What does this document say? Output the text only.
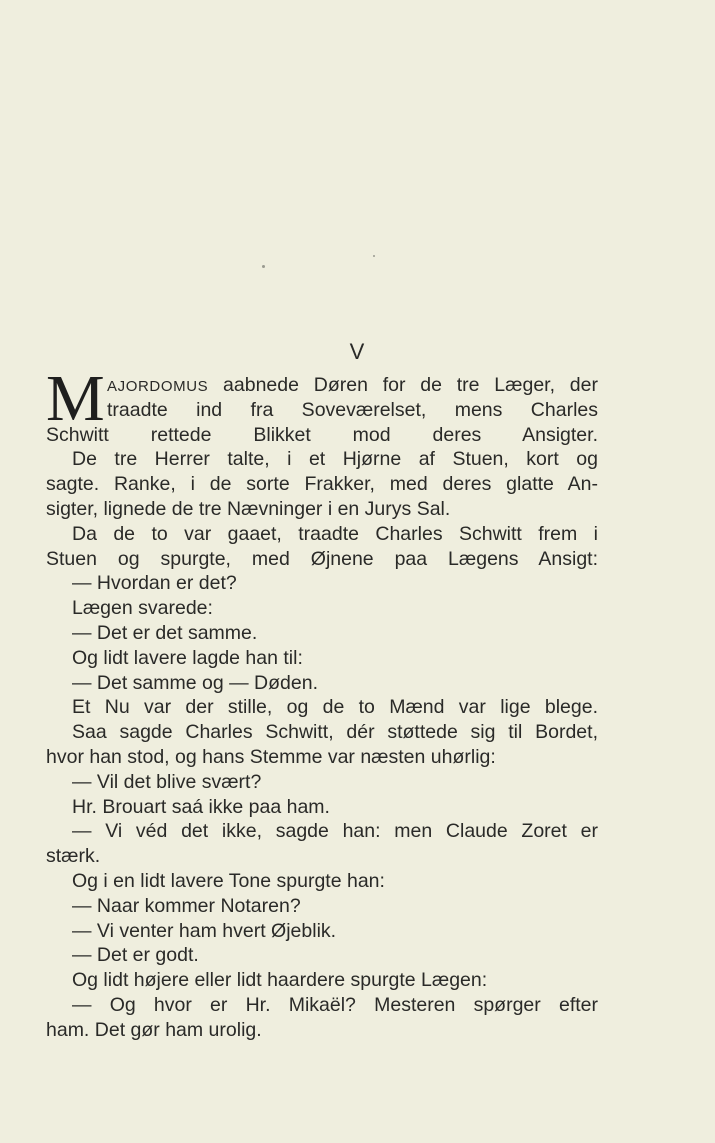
V
M AJORDOMUS aabnede Døren for de tre Læger, der
traadte ind fra Soveværelset, mens Charles
Schwitt rettede Blikket mod deres Ansigter.
De tre Herrer talte, i et Hjørne af Stuen, kort og
sagte. Ranke, i de sorte Frakker, med deres glatte An-
sigter, lignede de tre Nævninger i en Jurys Sal.
Da de to var gaaet, traadte Charles Schwitt frem i
Stuen og spurgte, med Øjnene paa Lægens Ansigt:
— Hvordan er det?
Lægen svarede:
— Det er det samme.
Og lidt lavere lagde han til:
— Det samme og — Døden.
Et Nu var der stille, og de to Mænd var lige blege.
Saa sagde Charles Schwitt, dér støttede sig til Bordet,
hvor han stod, og hans Stemme var næsten uhørlig:
— Vil det blive svært?
Hr. Brouart saá ikke paa ham.
— Vi véd det ikke, sagde han: men Claude Zoret er
stærk.
Og i en lidt lavere Tone spurgte han:
— Naar kommer Notaren?
— Vi venter ham hvert Øjeblik.
— Det er godt.
Og lidt højere eller lidt haardere spurgte Lægen:
— Og hvor er Hr. Mikaël? Mesteren spørger efter
ham. Det gør ham urolig.
